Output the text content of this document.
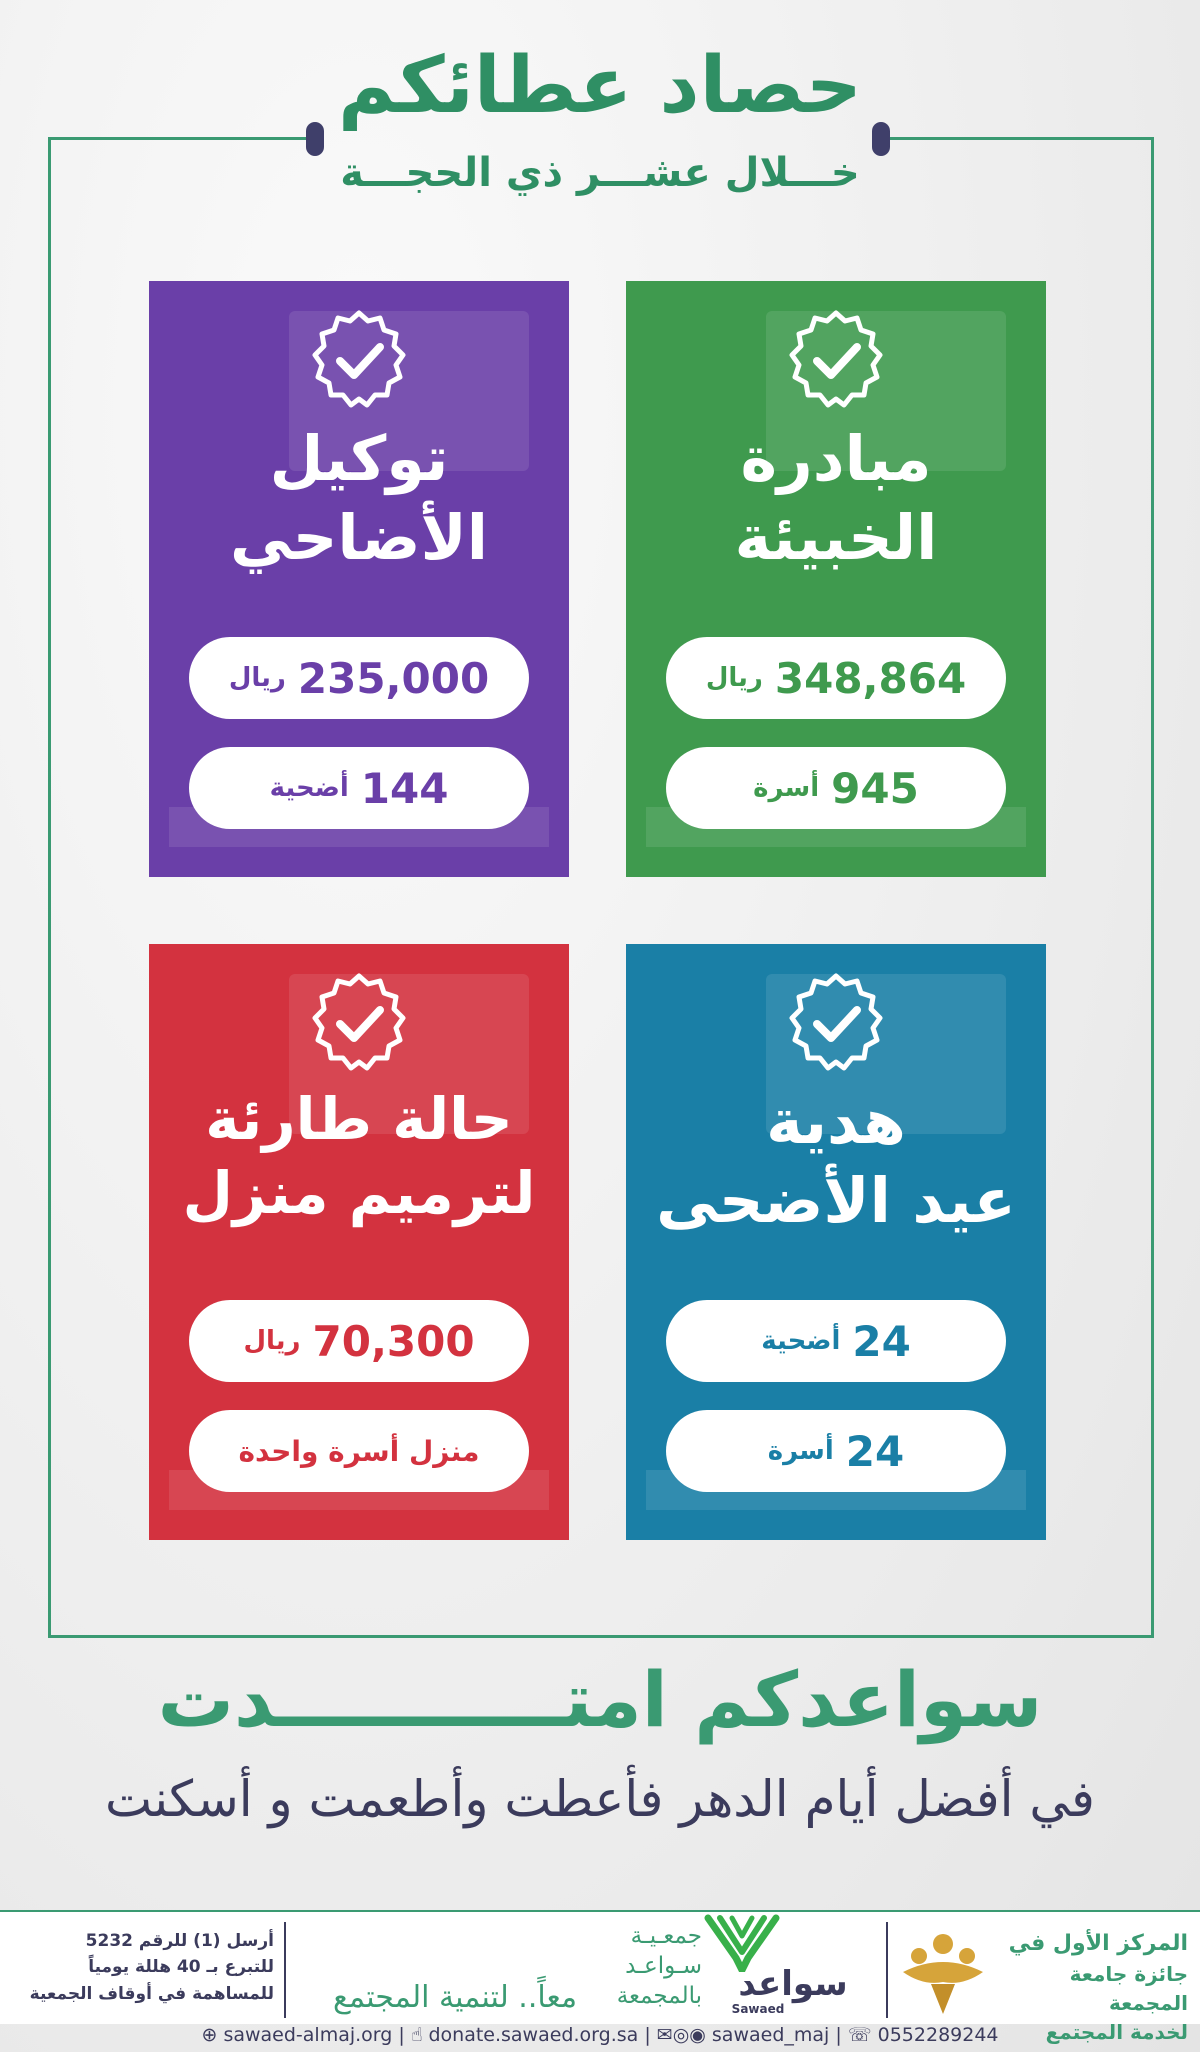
حصاد عطائكم
خـــلال عشـــر ذي الحجـــة
توكيل
الأضاحي
235,000
ريال
144
أضحية
مبادرة
الخبيئة
348,864
ريال
945
أسرة
حالة طارئة
لترميم منزل
70,300
ريال
منزل أسرة واحدة
هدية
عيد الأضحى
24
أضحية
24
أسرة
سواعدكم امتـــــــــــدت
في أفضل أيام الدهر فأعطت وأطعمت و أسكنت
المركز الأول في
جائزة جامعة المجمعة
لخدمة المجتمع
جمعـيـة
سـواعـد
بالمجمعة	سواعد
Sawaed
معاً.. لتنمية المجتمع
أرسل (1) للرقم 5232
للتبرع بـ 40 هللة يومياً
للمساهمة في أوقاف الجمعية
⊕ sawaed-almaj.org | ☝ donate.sawaed.org.sa | ✉◎◉ sawaed_maj | ☏ 0552289244
